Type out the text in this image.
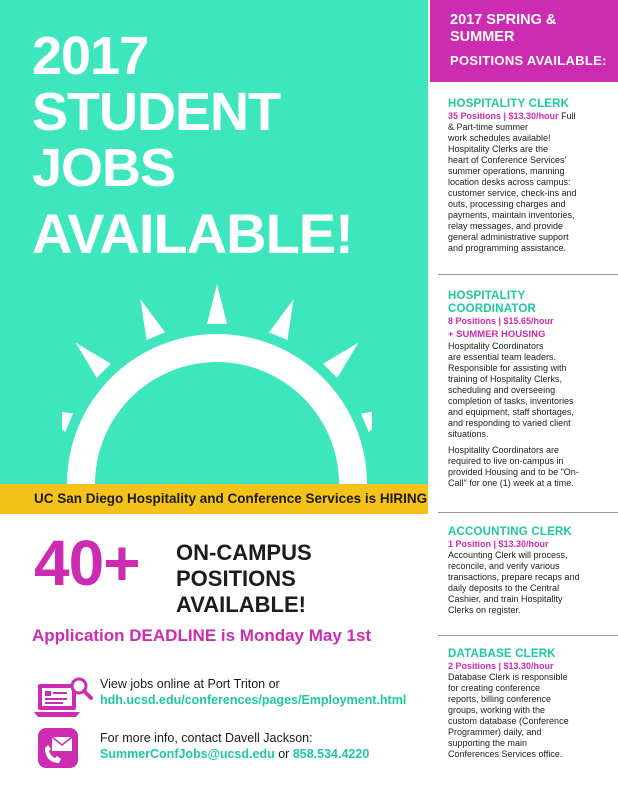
2017
STUDENT
JOBS
AVAILABLE!
UC San Diego Hospitality and Conference Services is HIRING
40+ ON-CAMPUS
POSITIONS AVAILABLE!
Application DEADLINE is Monday May 1st
View jobs online at Port Triton or
hdh.ucsd.edu/conferences/pages/Employment.html
For more info, contact Davell Jackson:
SummerConfJobs@ucsd.edu or 858.534.4220
2017 SPRING &
SUMMER
POSITIONS AVAILABLE:
HOSPITALITY CLERK
35 Positions | $13.30/hour Full
& Part-time summer
work schedules available!
Hospitality Clerks are the
heart of Conference Services'
summer operations, manning
location desks across campus:
customer service, check-ins and
outs, processing charges and
payments, maintain inventories,
relay messages, and provide
general administrative support
and programming assistance.
HOSPITALITY
COORDINATOR
8 Positions | $15.65/hour
+ SUMMER HOUSING
Hospitality Coordinators
are essential team leaders.
Responsible for assisting with
training of Hospitality Clerks,
scheduling and overseeing
completion of tasks, inventories
and equipment, staff shortages,
and responding to varied client
situations.
Hospitality Coordinators are
required to live on-campus in
provided Housing and to be "On-
Call" for one (1) week at a time.
ACCOUNTING CLERK
1 Position | $13.30/hour
Accounting Clerk will process,
reconcile, and verify various
transactions, prepare recaps and
daily deposits to the Central
Cashier, and train Hospitality
Clerks on register.
DATABASE CLERK
2 Positions | $13.30/hour
Database Clerk is responsible
for creating conference
reports, billing conference
groups, working with the
custom database (Conference
Programmer) daily, and
supporting the main
Conferences Services office.
